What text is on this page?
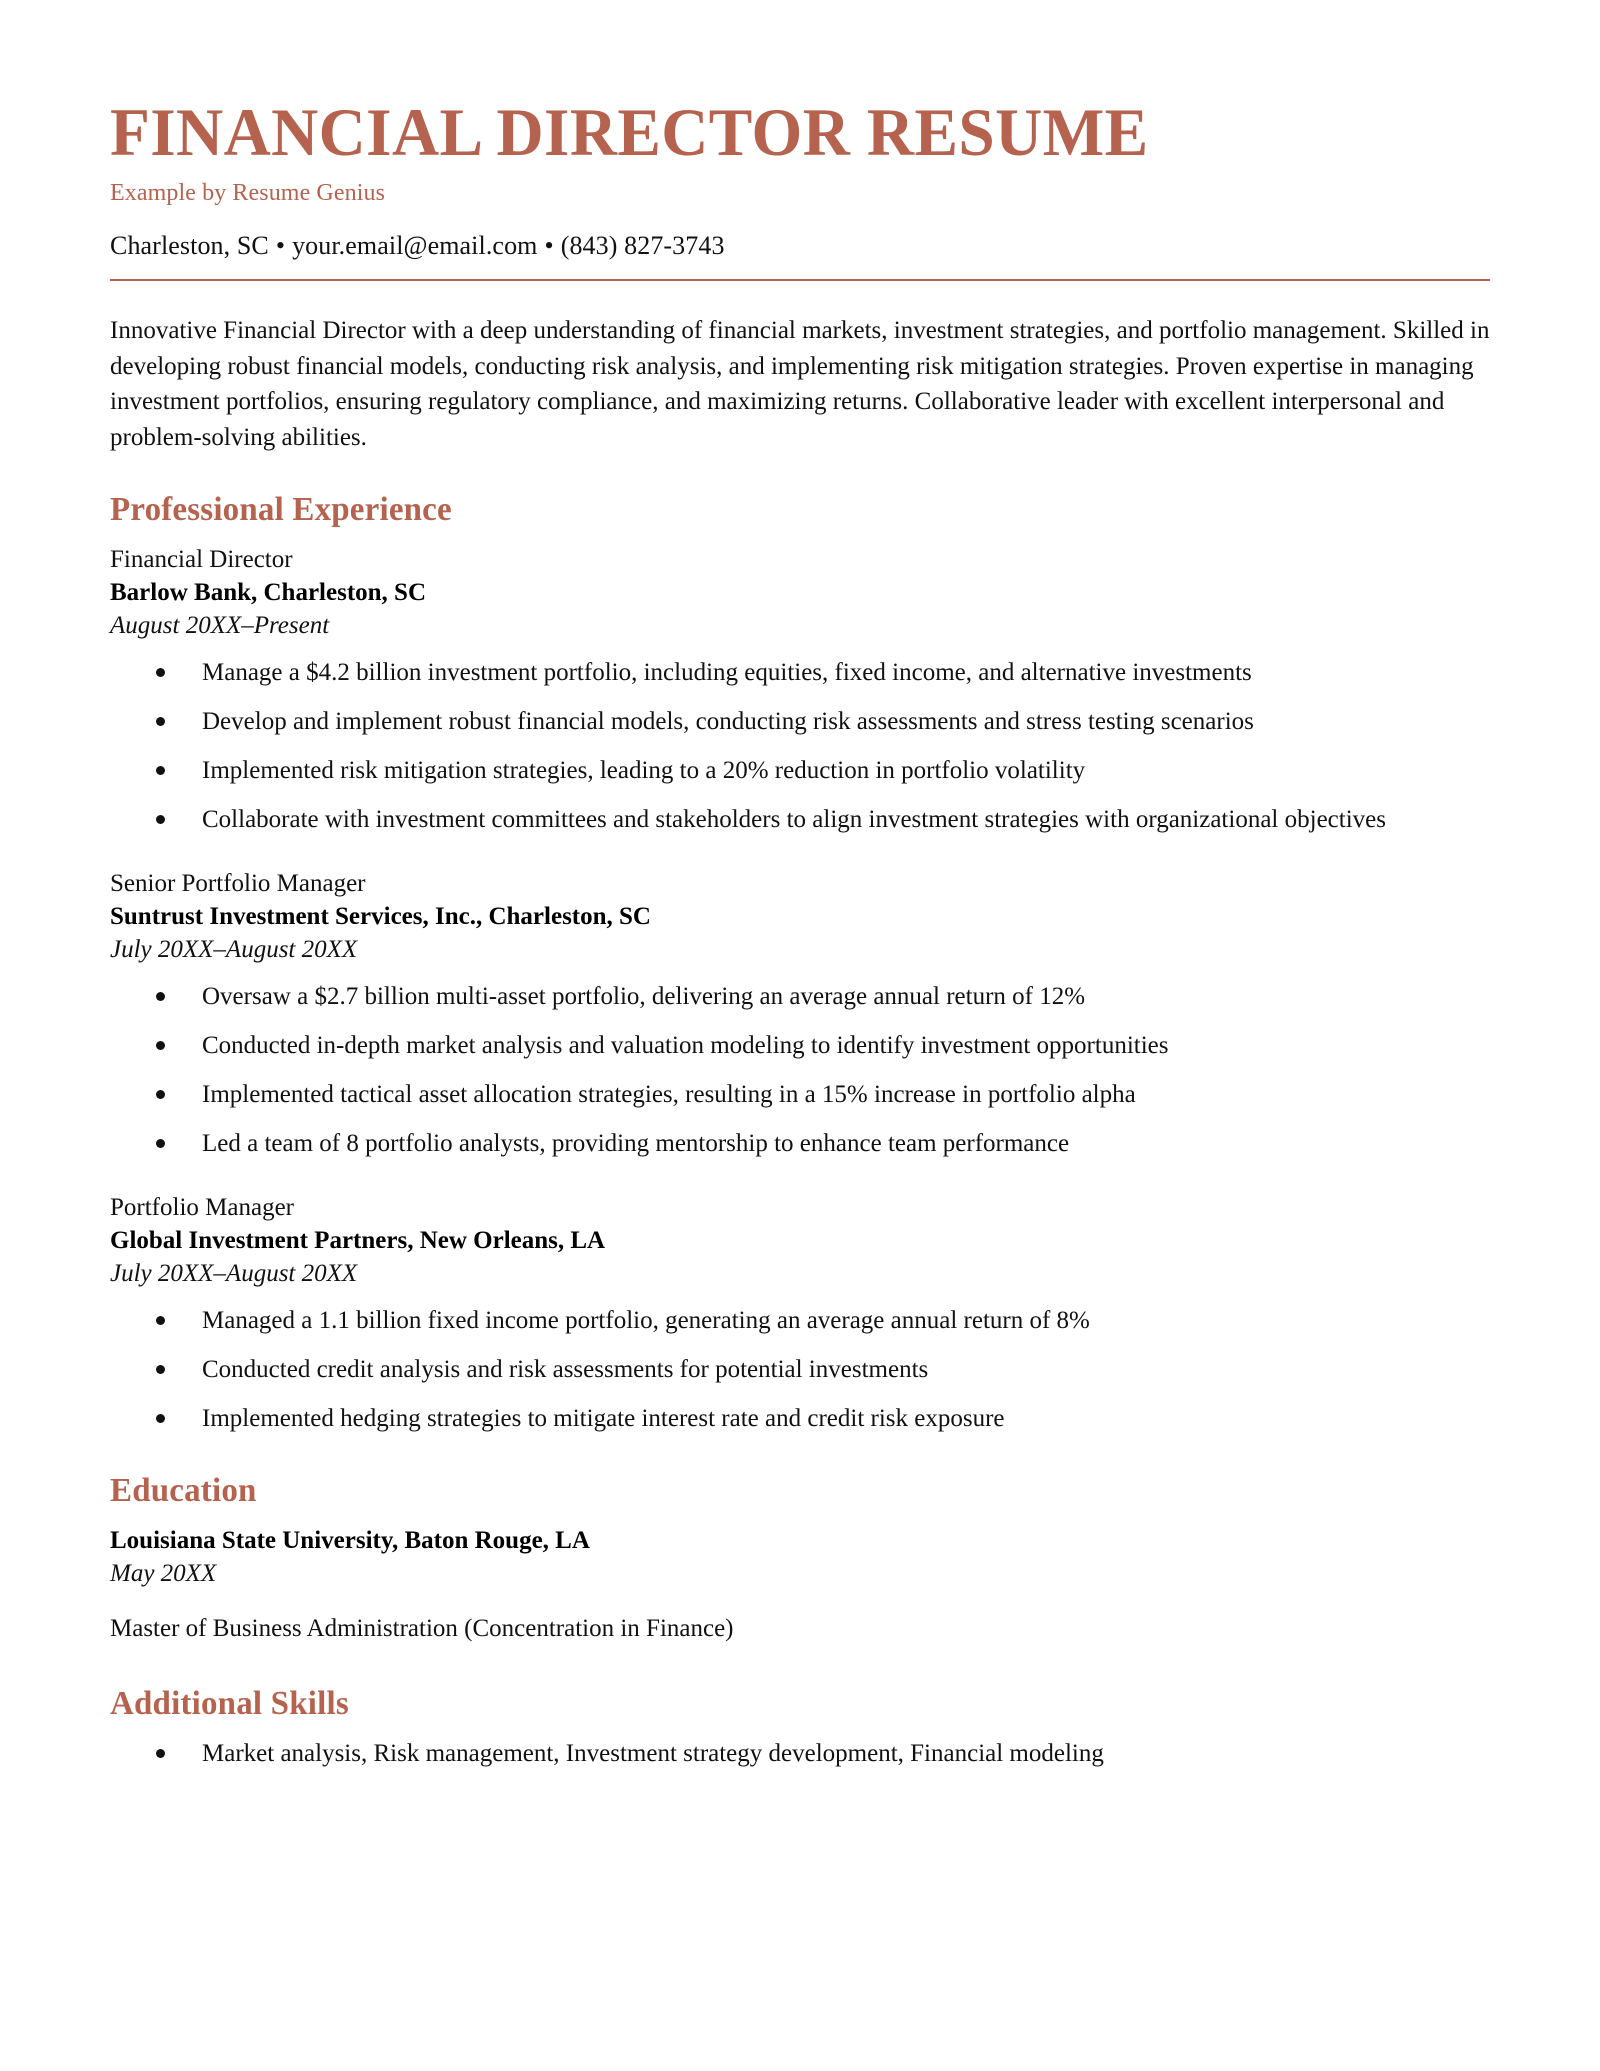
FINANCIAL DIRECTOR RESUME
Example by Resume Genius
Charleston, SC • your.email@email.com • (843) 827-3743

Innovative Financial Director with a deep understanding of financial markets, investment strategies, and portfolio management. Skilled in developing robust financial models, conducting risk analysis, and implementing risk mitigation strategies. Proven expertise in managing investment portfolios, ensuring regulatory compliance, and maximizing returns. Collaborative leader with excellent interpersonal and problem-solving abilities.

Professional Experience
Financial Director
Barlow Bank, Charleston, SC
August 20XX–Present
Manage a $4.2 billion investment portfolio, including equities, fixed income, and alternative investments
Develop and implement robust financial models, conducting risk assessments and stress testing scenarios
Implemented risk mitigation strategies, leading to a 20% reduction in portfolio volatility
Collaborate with investment committees and stakeholders to align investment strategies with organizational objectives
Senior Portfolio Manager
Suntrust Investment Services, Inc., Charleston, SC
July 20XX–August 20XX
Oversaw a $2.7 billion multi-asset portfolio, delivering an average annual return of 12%
Conducted in-depth market analysis and valuation modeling to identify investment opportunities
Implemented tactical asset allocation strategies, resulting in a 15% increase in portfolio alpha
Led a team of 8 portfolio analysts, providing mentorship to enhance team performance
Portfolio Manager
Global Investment Partners, New Orleans, LA
July 20XX–August 20XX
Managed a 1.1 billion fixed income portfolio, generating an average annual return of 8%
Conducted credit analysis and risk assessments for potential investments
Implemented hedging strategies to mitigate interest rate and credit risk exposure
Education
Louisiana State University, Baton Rouge, LA
May 20XX
Master of Business Administration (Concentration in Finance)
Additional Skills
Market analysis, Risk management, Investment strategy development, Financial modeling
